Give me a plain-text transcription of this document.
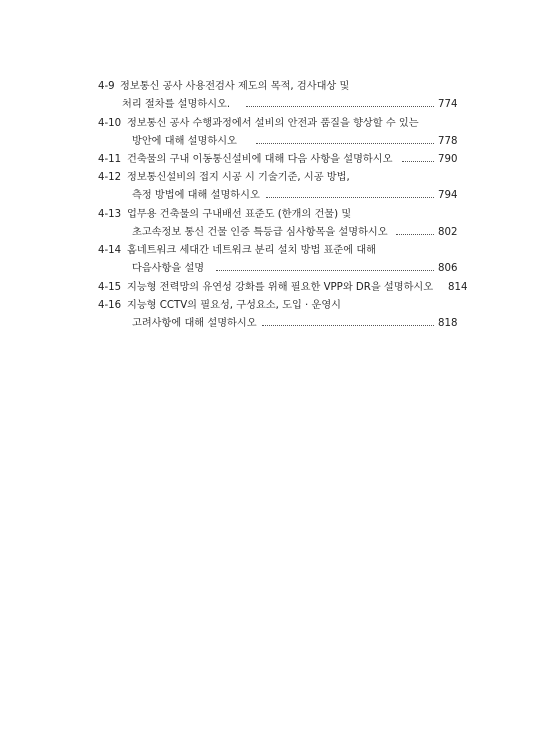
4-9 정보통신 공사 사용전검사 제도의 목적, 검사대상 및
처리 절차를 설명하시오.	774
4-10 정보통신 공사 수행과정에서 설비의 안전과 품질을 향상할 수 있는
방안에 대해 설명하시오	778
4-11 건축물의 구내 이동통신설비에 대해 다음 사항을 설명하시오	790
4-12 정보통신설비의 접지 시공 시 기술기준, 시공 방법,
측정 방법에 대해 설명하시오	794
4-13 업무용 건축물의 구내배선 표준도 (한개의 건물) 및
초고속정보 통신 건물 인증 특등급 심사항목을 설명하시오	802
4-14 홈네트워크 세대간 네트워크 분리 설치 방법 표준에 대해
다음사항을 설명	806
4-15 지능형 전력망의 유연성 강화를 위해 필요한 VPP와 DR을 설명하시오 814
4-16 지능형 CCTV의 필요성, 구성요소, 도입 · 운영시
고려사항에 대해 설명하시오	818
